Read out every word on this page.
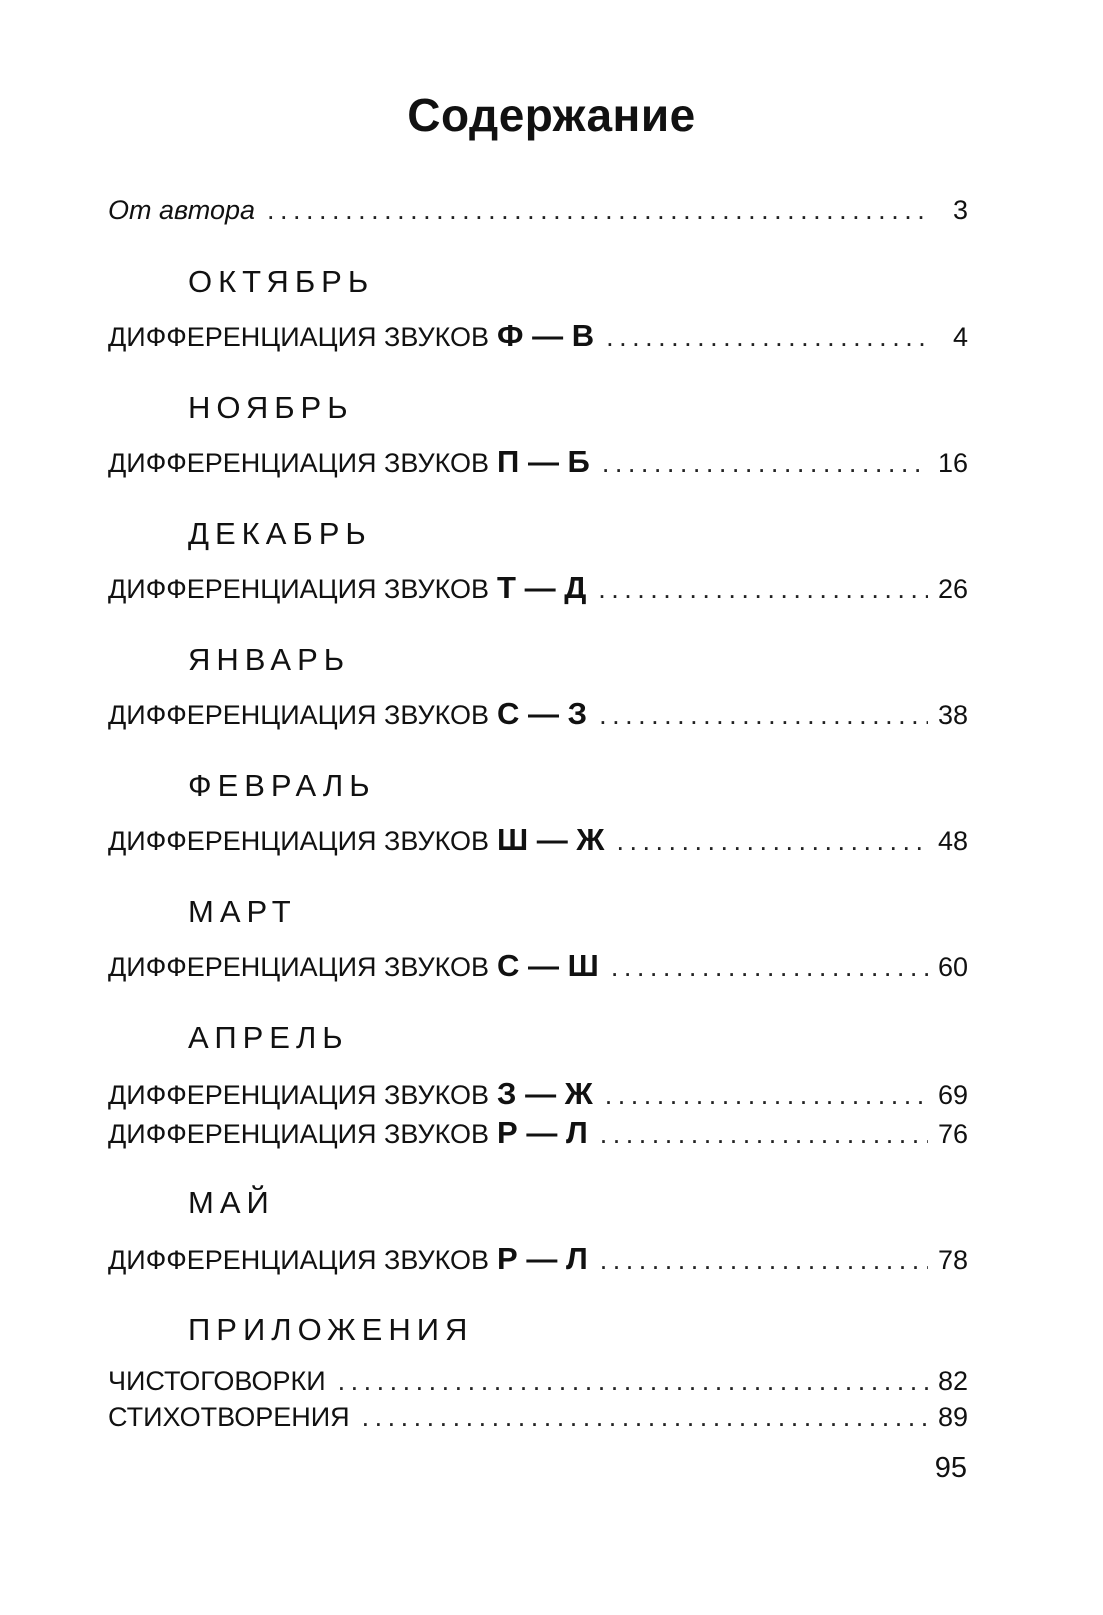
Содержание
От автора . . .	3
ОКТЯБРЬ
ДИФФЕРЕНЦИАЦИЯ ЗВУКОВ Ф — В . . .	4
НОЯБРЬ
ДИФФЕРЕНЦИАЦИЯ ЗВУКОВ П — Б . . .	16
ДЕКАБРЬ
ДИФФЕРЕНЦИАЦИЯ ЗВУКОВ Т — Д . . .	26
ЯНВАРЬ
ДИФФЕРЕНЦИАЦИЯ ЗВУКОВ С — З . . .	38
ФЕВРАЛЬ
ДИФФЕРЕНЦИАЦИЯ ЗВУКОВ Ш — Ж . . .	48
МАРТ
ДИФФЕРЕНЦИАЦИЯ ЗВУКОВ С — Ш . . .	60
АПРЕЛЬ
ДИФФЕРЕНЦИАЦИЯ ЗВУКОВ З — Ж . . .	69
ДИФФЕРЕНЦИАЦИЯ ЗВУКОВ Р — Л . . .	76
МАЙ
ДИФФЕРЕНЦИАЦИЯ ЗВУКОВ Р — Л . . .	78
ПРИЛОЖЕНИЯ
ЧИСТОГОВОРКИ . . .	82
СТИХОТВОРЕНИЯ . . .	89
95
